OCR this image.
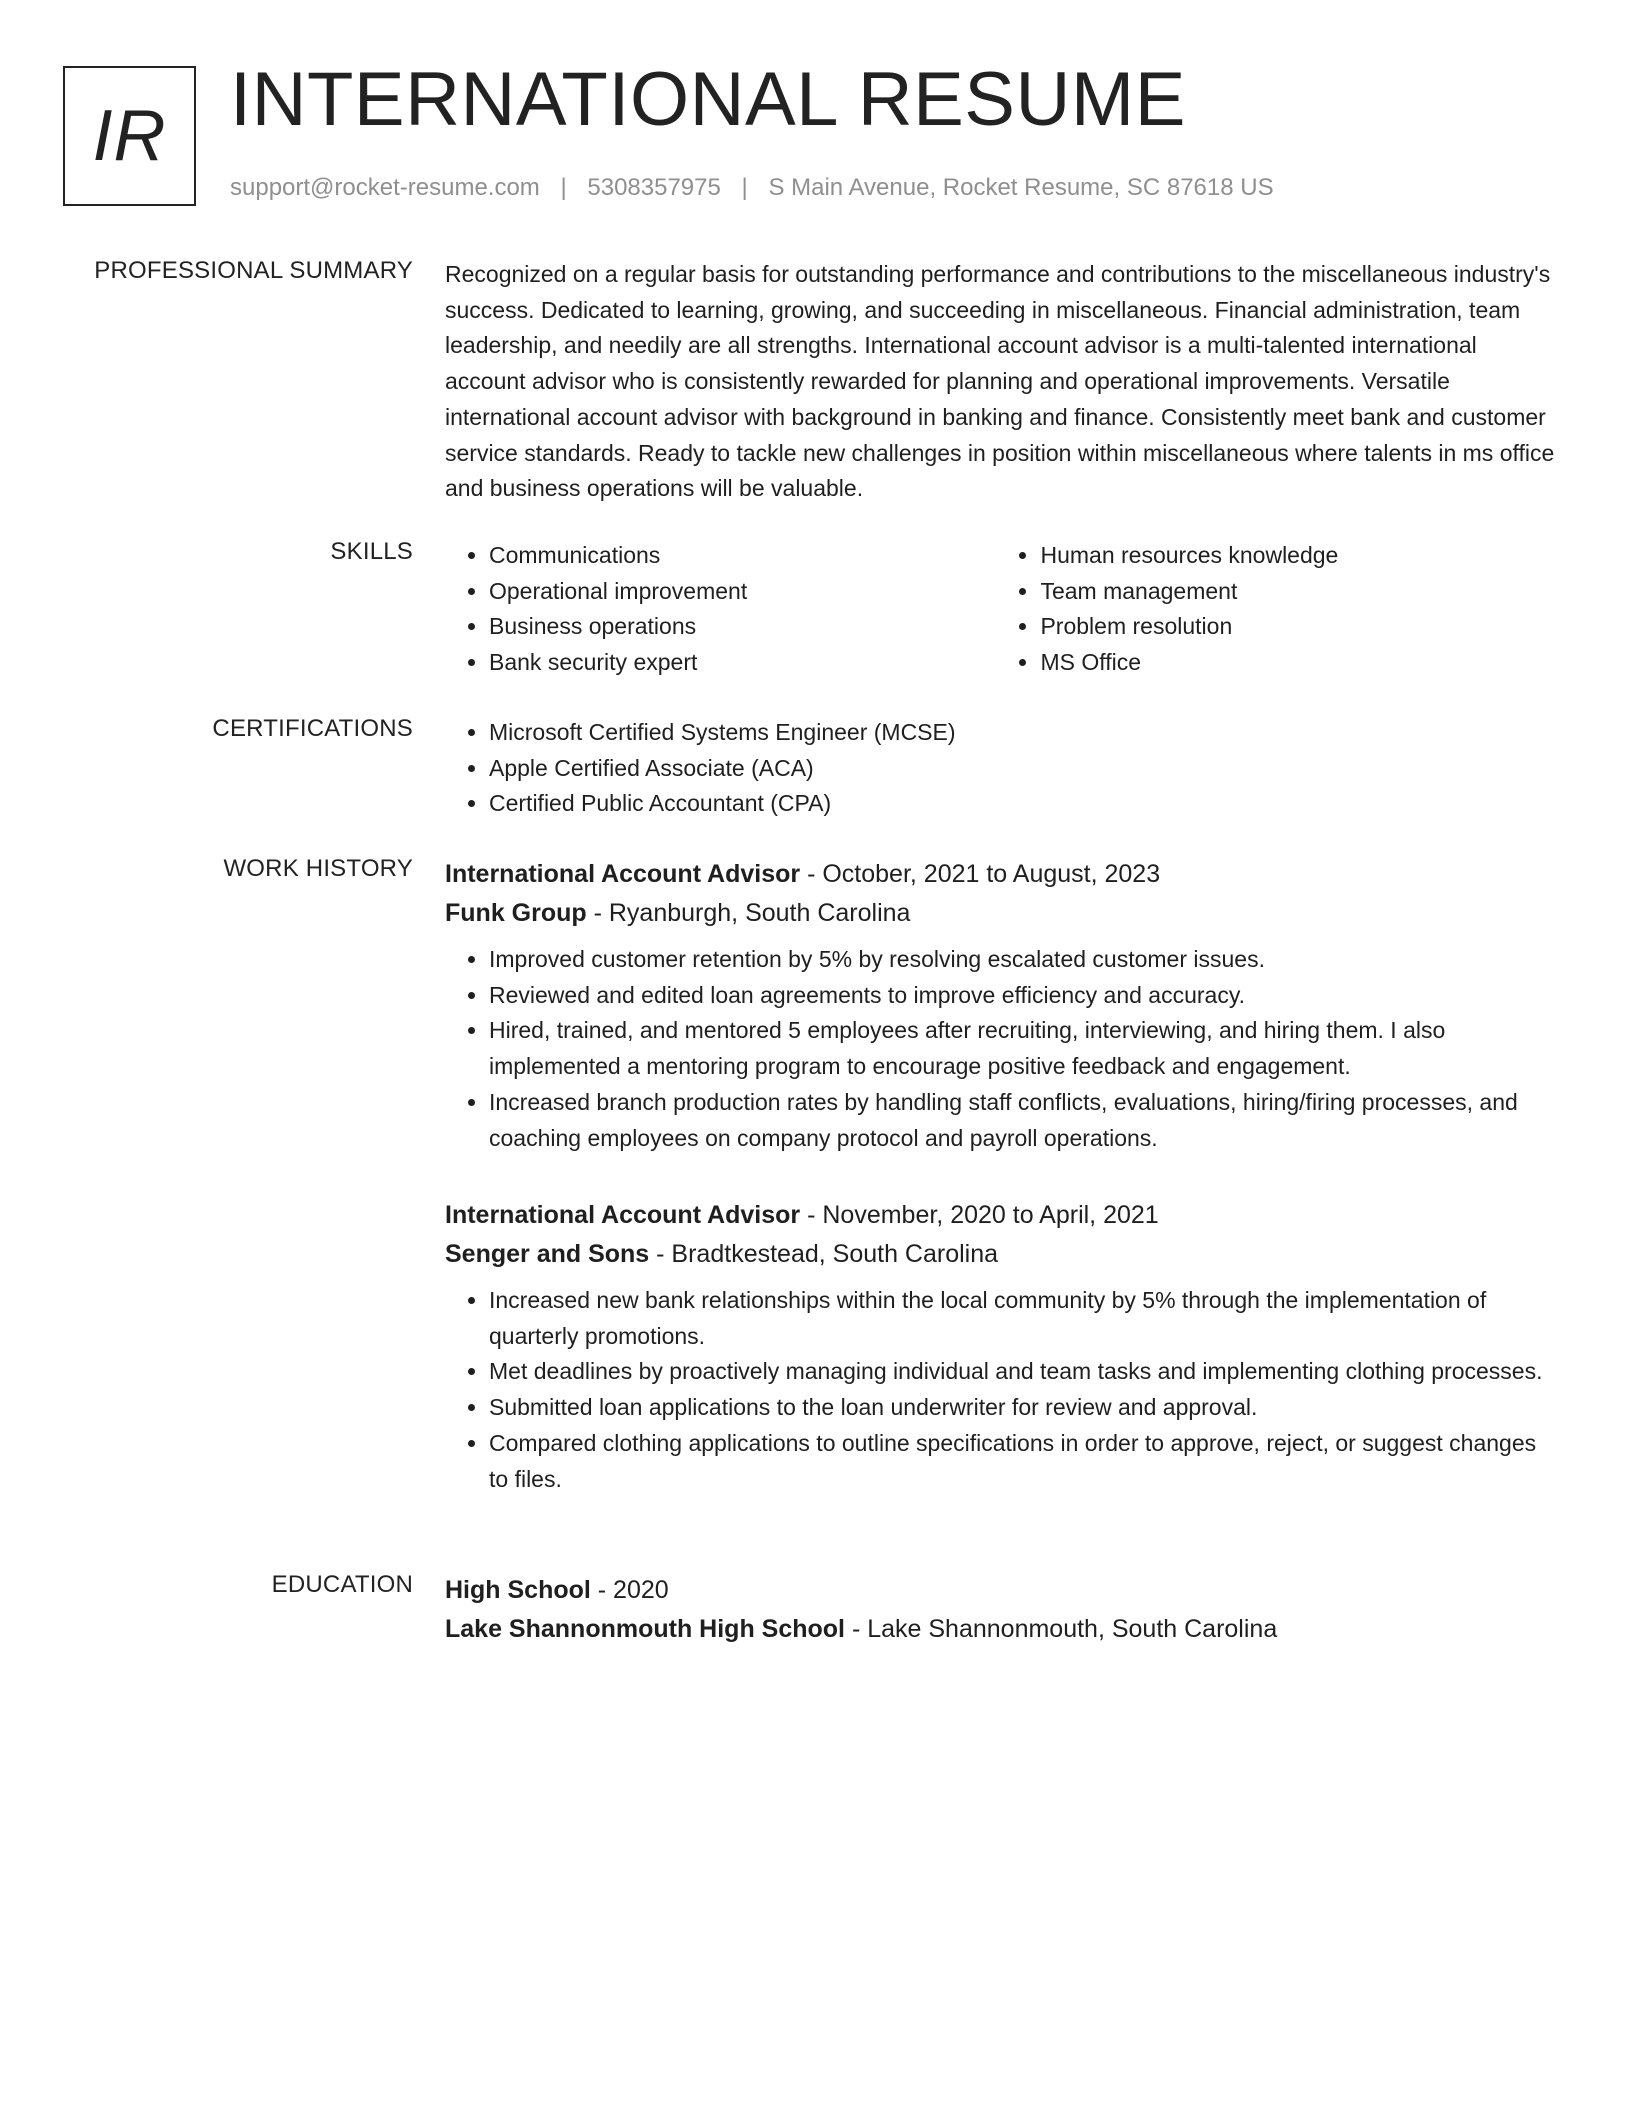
IR INTERNATIONAL RESUME
support@rocket-resume.com | 5308357975 | S Main Avenue, Rocket Resume, SC 87618 US
PROFESSIONAL SUMMARY Recognized on a regular basis for outstanding performance and contributions to the miscellaneous industry's success. Dedicated to learning, growing, and succeeding in miscellaneous. Financial administration, team leadership, and needily are all strengths. International account advisor is a multi-talented international account advisor who is consistently rewarded for planning and operational improvements. Versatile international account advisor with background in banking and finance. Consistently meet bank and customer service standards. Ready to tackle new challenges in position within miscellaneous where talents in ms office and business operations will be valuable.
SKILLS	• Communications
• Operational improvement
• Business operations
• Bank security expert
• Human resources knowledge
• Team management
• Problem resolution
• MS Office
CERTIFICATIONS	• Microsoft Certified Systems Engineer (MCSE)
• Apple Certified Associate (ACA)
• Certified Public Accountant (CPA)
WORK HISTORY International Account Advisor - October, 2021 to August, 2023
Funk Group - Ryanburgh, South Carolina
• Improved customer retention by 5% by resolving escalated customer issues.
• Reviewed and edited loan agreements to improve efficiency and accuracy.
• Hired, trained, and mentored 5 employees after recruiting, interviewing, and hiring them. I also implemented a mentoring program to encourage positive feedback and engagement.
• Increased branch production rates by handling staff conflicts, evaluations, hiring/firing processes, and coaching employees on company protocol and payroll operations.
International Account Advisor - November, 2020 to April, 2021
Senger and Sons - Bradtkestead, South Carolina
• Increased new bank relationships within the local community by 5% through the implementation of quarterly promotions.
• Met deadlines by proactively managing individual and team tasks and implementing clothing processes.
• Submitted loan applications to the loan underwriter for review and approval.
• Compared clothing applications to outline specifications in order to approve, reject, or suggest changes to files.
EDUCATION High School - 2020
Lake Shannonmouth High School - Lake Shannonmouth, South Carolina
